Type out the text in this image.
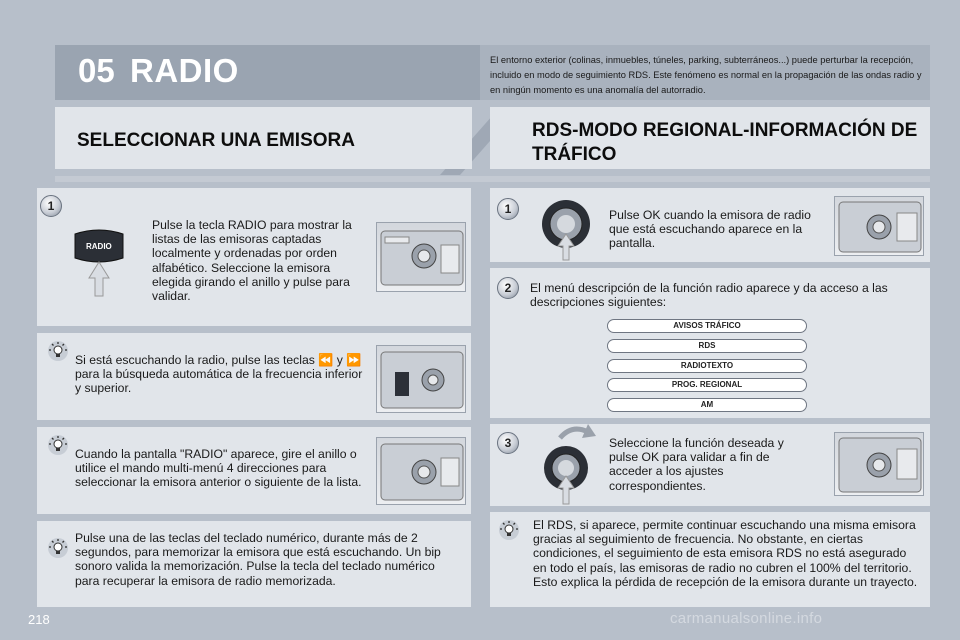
05 RADIO	El entorno exterior (colinas, inmuebles, túneles, parking, subterráneos...) puede perturbar la recepción, incluido en modo de seguimiento RDS. Este fenómeno es normal en la propagación de las ondas radio y en ningún momento es una anomalía del autorradio.
SELECCIONAR UNA EMISORA	RDS-MODO REGIONAL-INFORMACIÓN DE TRÁFICO
1
RADIO
Pulse la tecla RADIO para mostrar la listas de las emisoras captadas localmente y ordenadas por orden alfabético. Seleccione la emisora elegida girando el anillo y pulse para validar.
Si está escuchando la radio, pulse las teclas ⏪ y ⏩ para la búsqueda automática de la frecuencia inferior y superior.
Cuando la pantalla "RADIO" aparece, gire el anillo o utilice el mando multi-menú 4 direcciones para seleccionar la emisora anterior o siguiente de la lista.
Pulse una de las teclas del teclado numérico, durante más de 2 segundos, para memorizar la emisora que está escuchando. Un bip sonoro valida la memorización. Pulse la tecla del teclado numérico para recuperar la emisora de radio memorizada.
1	Pulse OK cuando la emisora de radio que está escuchando aparece en la pantalla.
2	El menú descripción de la función radio aparece y da acceso a las descripciones siguientes:
AVISOS TRÁFICO
RDS
RADIOTEXTO
PROG. REGIONAL
AM
3	Seleccione la función deseada y pulse OK para validar a fin de acceder a los ajustes correspondientes.
El RDS, si aparece, permite continuar escuchando una misma emisora gracias al seguimiento de frecuencia. No obstante, en ciertas condiciones, el seguimiento de esta emisora RDS no está asegurado en todo el país, las emisoras de radio no cubren el 100% del territorio. Esto explica la pérdida de recepción de la emisora durante un trayecto.
218	carmanualsonline.info
